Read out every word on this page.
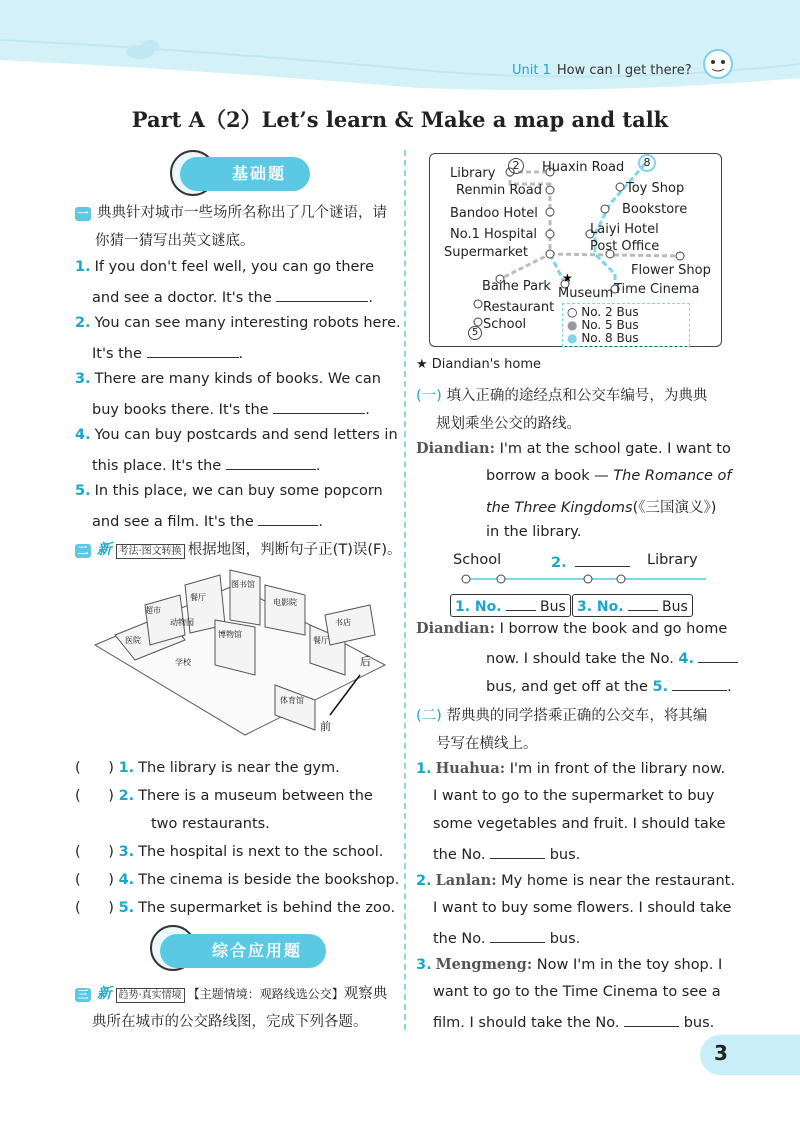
Unit 1 How can I get there?
Part A（2）Let’s learn & Make a map and talk
基础题
一 典典针对城市一些场所名称出了几个谜语，请
你猜一猜写出英文谜底。
1. If you don't feel well, you can go there
and see a doctor. It's the	.
2. You can see many interesting robots here.
It's the	.
3. There are many kinds of books. We can
buy books there. It's the	.
4. You can buy postcards and send letters in
this place. It's the	.
5. In this place, we can buy some popcorn
and see a film. It's the	.
二 新 考法·图文转换 根据地图，判断句子正(T)误(F)。
超市
餐厅
图书馆
电影院
博物馆
餐厅
体育馆
医院
书店
动物园
学校	后
前
(      ) 1. The library is near the gym.
(      ) 2. There is a museum between the
two restaurants.
(      ) 3. The hospital is next to the school.
(      ) 4. The cinema is beside the bookshop.
(      ) 5. The supermarket is behind the zoo.
综合应用题
三 新 趋势·真实情境 【主题情境：观路线选公交】观察典
典所在城市的公交路线图，完成下列各题。
★
Library
2	Huaxin Road	8
Renmin Road	Toy Shop
Bookstore
Bandoo Hotel
Laiyi Hotel
No.1 Hospital
Post Office
Supermarket
Flower Shop
Baihe Park Museum Time Cinema
Restaurant
School
5
○ No. 2 Bus
● No. 5 Bus
● No. 8 Bus
★ Diandian's home
(一) 填入正确的途经点和公交车编号，为典典
规划乘坐公交的路线。
Diandian: I'm at the school gate. I want to
borrow a book — The Romance of
the Three Kingdoms(《三国演义》)
in the library.
School	2.	Library
1. No.	Bus 3. No.	Bus
Diandian: I borrow the book and go home
now. I should take the No. 4.
bus, and get off at the 5.	.
(二) 帮典典的同学搭乘正确的公交车，将其编
号写在横线上。
1. Huahua: I'm in front of the library now.
I want to go to the supermarket to buy
some vegetables and fruit. I should take
the No.	bus.
2. Lanlan: My home is near the restaurant.
I want to buy some flowers. I should take
the No.	bus.
3. Mengmeng: Now I'm in the toy shop. I
want to go to the Time Cinema to see a
film. I should take the No.	bus.
3
